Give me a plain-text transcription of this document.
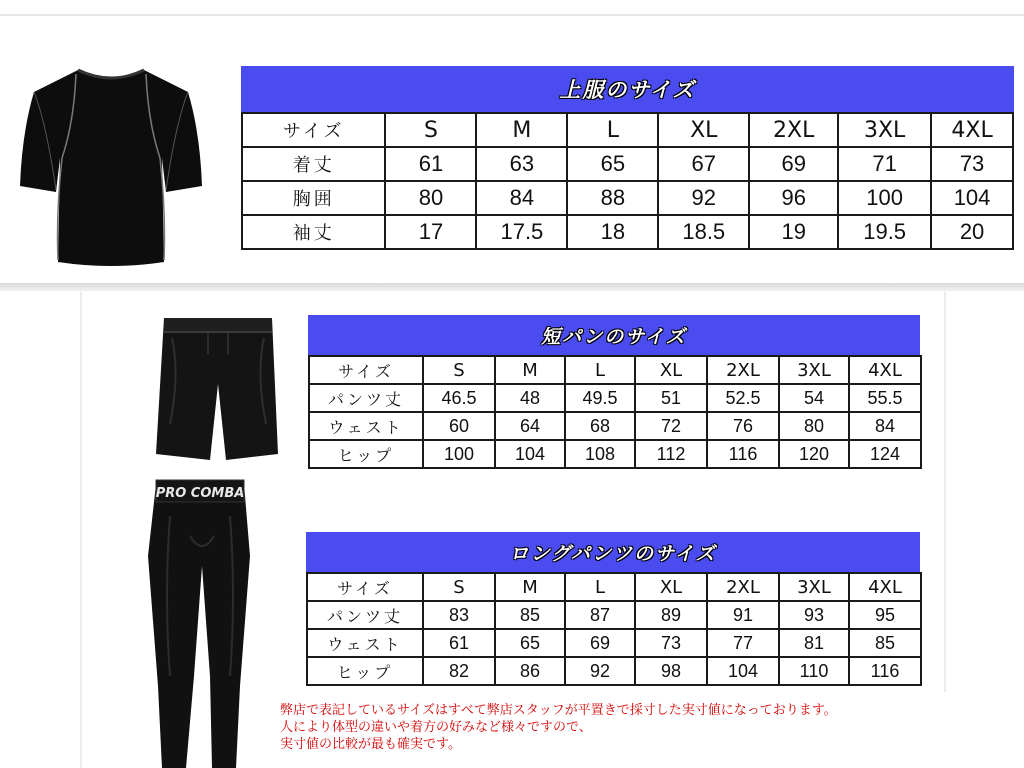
PRO COMBA
上服のサイズ
サイズ	S	M	L	XL	2XL	3XL	4XL
着丈	61	63	65	67	69	71	73
胸囲	80	84	88	92	96	100	104
袖丈	17	17.5	18	18.5	19	19.5	20
短パンのサイズ
サイズ	S	M	L	XL	2XL	3XL	4XL
パンツ丈	46.5	48	49.5	51	52.5	54	55.5
ウェスト	60	64	68	72	76	80	84
ヒップ	100	104	108	112	116	120	124
ロングパンツのサイズ
サイズ	S	M	L	XL	2XL	3XL	4XL
パンツ丈	83	85	87	89	91	93	95
ウェスト	61	65	69	73	77	81	85
ヒップ	82	86	92	98	104	110	116
弊店で表記しているサイズはすべて弊店スタッフが平置きで採寸した実寸値になっております。
人により体型の違いや着方の好みなど様々ですので、
実寸値の比較が最も確実です。
